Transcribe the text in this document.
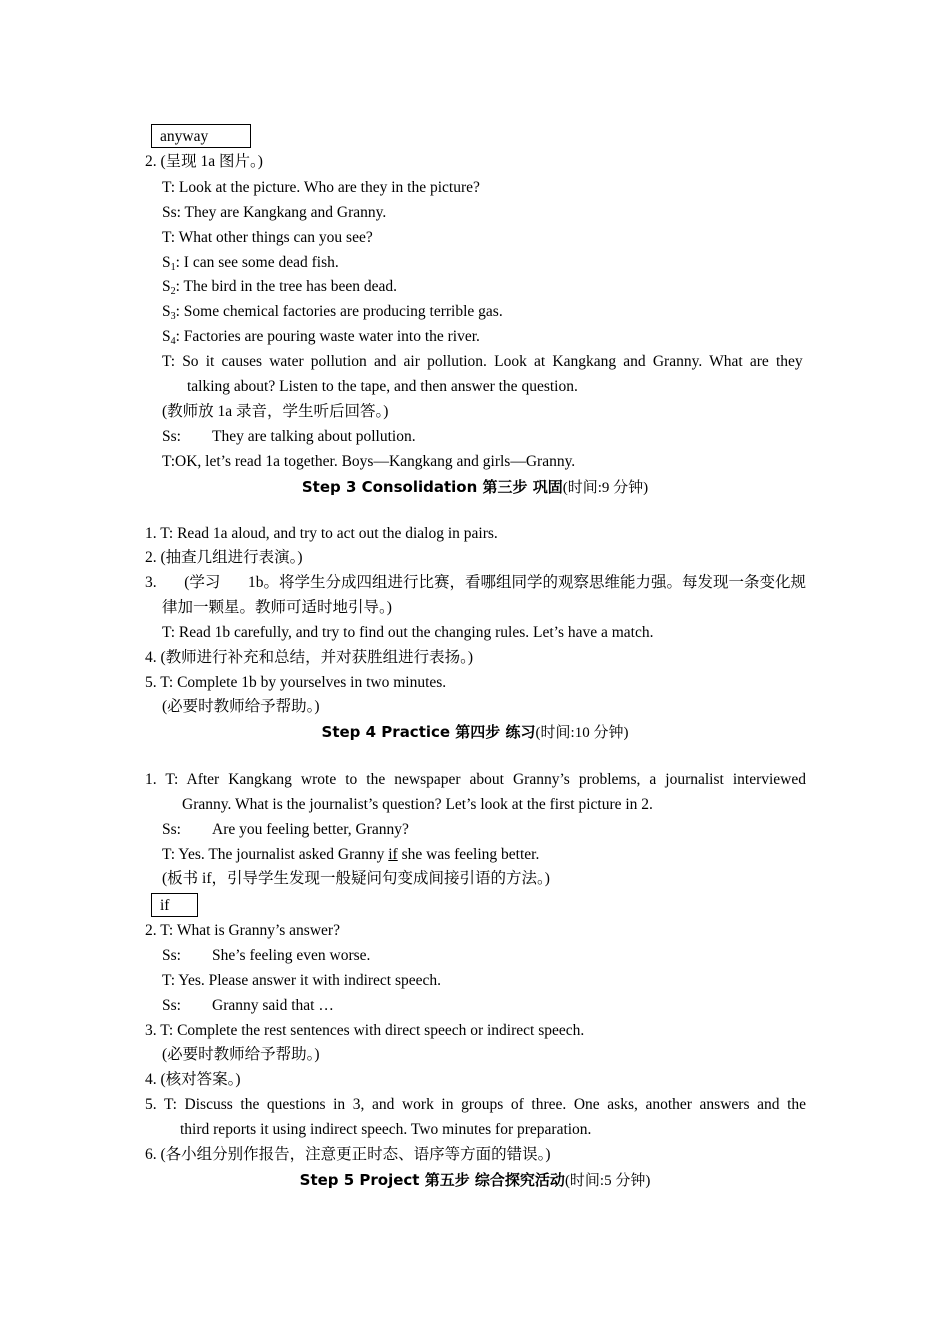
anyway
2. (呈现 1a 图片。)
T: Look at the picture. Who are they in the picture?
Ss: They are Kangkang and Granny.
T: What other things can you see?
$S_1$: I can see some dead fish.
$S_2$: The bird in the tree has been dead.
$S_3$: Some chemical factories are producing terrible gas.
$S_4$: Factories are pouring waste water into the river.
T: So it causes water pollution and air pollution. Look at Kangkang and Granny. What are they
talking about? Listen to the tape, and then answer the question.
(教师放 1a 录音，学生听后回答。)
Ss: They are talking about pollution.
T:OK, let’s read 1a together. Boys—Kangkang and girls—Granny.
Step 3 Consolidation 第三步 巩固(时间:9 分钟)
1. T: Read 1a aloud, and try to act out the dialog in pairs.
2. (抽查几组进行表演。)
3. (学习 1b。将学生分成四组进行比赛，看哪组同学的观察思维能力强。每发现一条变化规
律加一颗星。教师可适时地引导。)
T: Read 1b carefully, and try to find out the changing rules. Let’s have a match.
4. (教师进行补充和总结，并对获胜组进行表扬。)
5. T: Complete 1b by yourselves in two minutes.
(必要时教师给予帮助。)
Step 4 Practice 第四步 练习(时间:10 分钟)
1. T: After Kangkang wrote to the newspaper about Granny’s problems, a journalist interviewed
Granny. What is the journalist’s question? Let’s look at the first picture in 2.
Ss: Are you feeling better, Granny?
T: Yes. The journalist asked Granny if she was feeling better.
(板书 if，引导学生发现一般疑问句变成间接引语的方法。)
if
2. T: What is Granny’s answer?
Ss: She’s feeling even worse.
T: Yes. Please answer it with indirect speech.
Ss: Granny said that …
3. T: Complete the rest sentences with direct speech or indirect speech.
(必要时教师给予帮助。)
4. (核对答案。)
5. T: Discuss the questions in 3, and work in groups of three. One asks, another answers and the
third reports it using indirect speech. Two minutes for preparation.
6. (各小组分别作报告，注意更正时态、语序等方面的错误。)
Step 5 Project 第五步 综合探究活动(时间:5 分钟)
